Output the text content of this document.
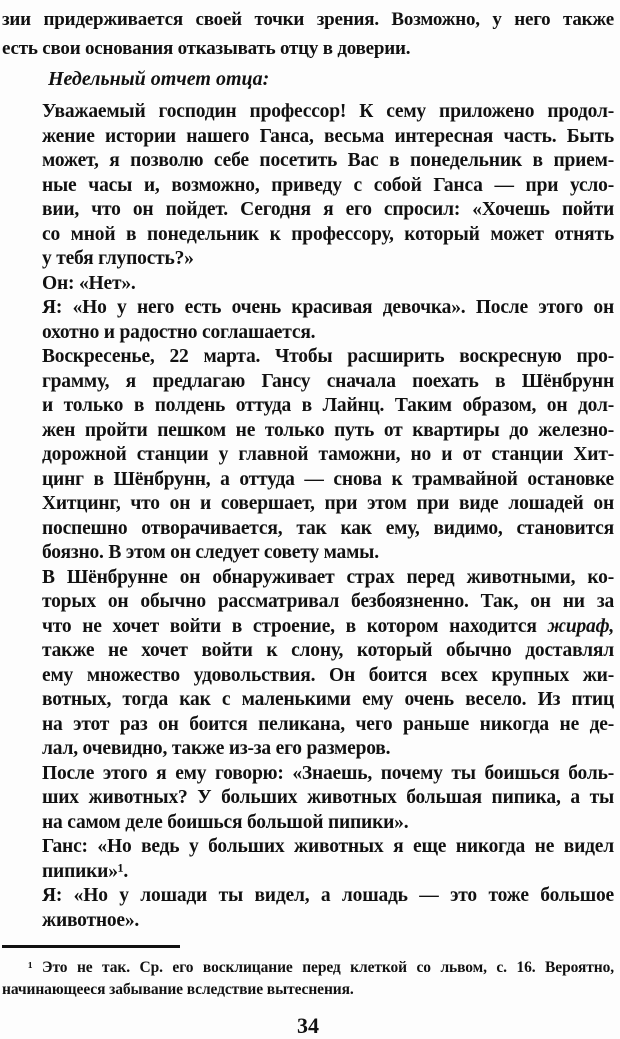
зии придерживается своей точки зрения. Возможно, у него также
есть свои основания отказывать отцу в доверии.
Недельный отчет отца:
Уважаемый господин профессор! К сему приложено продол-
жение истории нашего Ганса, весьма интересная часть. Быть
может, я позволю себе посетить Вас в понедельник в прием-
ные часы и, возможно, приведу с собой Ганса — при усло-
вии, что он пойдет. Сегодня я его спросил: «Хочешь пойти
со мной в понедельник к профессору, который может отнять
у тебя глупость?»
Он: «Нет».
Я: «Но у него есть очень красивая девочка». После этого он
охотно и радостно соглашается.
Воскресенье, 22 марта. Чтобы расширить воскресную про-
грамму, я предлагаю Гансу сначала поехать в Шёнбрунн
и только в полдень оттуда в Лайнц. Таким образом, он дол-
жен пройти пешком не только путь от квартиры до железно-
дорожной станции у главной таможни, но и от станции Хит-
цинг в Шёнбрунн, а оттуда — снова к трамвайной остановке
Хитцинг, что он и совершает, при этом при виде лошадей он
поспешно отворачивается, так как ему, видимо, становится
боязно. В этом он следует совету мамы.
В Шёнбрунне он обнаруживает страх перед животными, ко-
торых он обычно рассматривал безбоязненно. Так, он ни за
что не хочет войти в строение, в котором находится жираф,
также не хочет войти к слону, который обычно доставлял
ему множество удовольствия. Он боится всех крупных жи-
вотных, тогда как с маленькими ему очень весело. Из птиц
на этот раз он боится пеликана, чего раньше никогда не де-
лал, очевидно, также из-за его размеров.
После этого я ему говорю: «Знаешь, почему ты боишься боль-
ших животных? У больших животных большая пипика, а ты
на самом деле боишься большой пипики».
Ганс: «Но ведь у больших животных я еще никогда не видел
пипики»¹.
Я: «Но у лошади ты видел, а лошадь — это тоже большое
животное».
¹ Это не так. Ср. его восклицание перед клеткой со львом, с. 16. Вероятно,
начинающееся забывание вследствие вытеснения.
34
